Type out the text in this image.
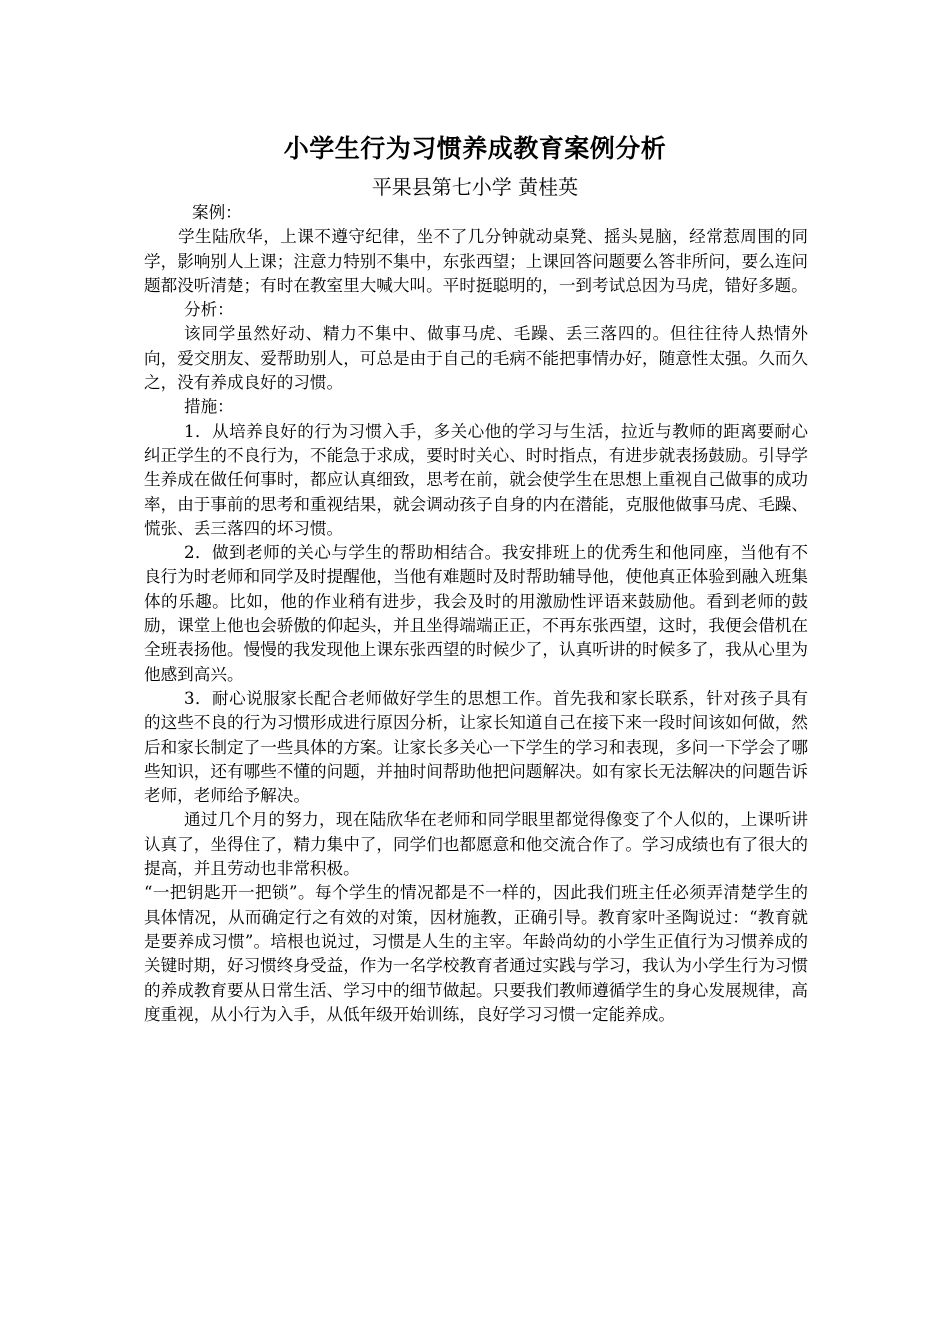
小学生行为习惯养成教育案例分析
平果县第七小学 黄桂英

案例：

学生陆欣华，上课不遵守纪律，坐不了几分钟就动桌凳、摇头晃脑，经常惹周围的同学，影响别人上课；注意力特别不集中，东张西望；上课回答问题要么答非所问，要么连问题都没听清楚；有时在教室里大喊大叫。平时挺聪明的，一到考试总因为马虎，错好多题。

分析：

该同学虽然好动、精力不集中、做事马虎、毛躁、丢三落四的。但往往待人热情外向，爱交朋友、爱帮助别人，可总是由于自己的毛病不能把事情办好，随意性太强。久而久之，没有养成良好的习惯。

措施：

1．从培养良好的行为习惯入手，多关心他的学习与生活，拉近与教师的距离要耐心纠正学生的不良行为，不能急于求成，要时时关心、时时指点，有进步就表扬鼓励。引导学生养成在做任何事时，都应认真细致，思考在前，就会使学生在思想上重视自己做事的成功率，由于事前的思考和重视结果，就会调动孩子自身的内在潜能，克服他做事马虎、毛躁、慌张、丢三落四的坏习惯。

2．做到老师的关心与学生的帮助相结合。我安排班上的优秀生和他同座，当他有不良行为时老师和同学及时提醒他，当他有难题时及时帮助辅导他，使他真正体验到融入班集体的乐趣。比如，他的作业稍有进步，我会及时的用激励性评语来鼓励他。看到老师的鼓励，课堂上他也会骄傲的仰起头，并且坐得端端正正，不再东张西望，这时，我便会借机在全班表扬他。慢慢的我发现他上课东张西望的时候少了，认真听讲的时候多了，我从心里为他感到高兴。

3．耐心说服家长配合老师做好学生的思想工作。首先我和家长联系，针对孩子具有的这些不良的行为习惯形成进行原因分析，让家长知道自己在接下来一段时间该如何做，然后和家长制定了一些具体的方案。让家长多关心一下学生的学习和表现，多问一下学会了哪些知识，还有哪些不懂的问题，并抽时间帮助他把问题解决。如有家长无法解决的问题告诉老师，老师给予解决。

通过几个月的努力，现在陆欣华在老师和同学眼里都觉得像变了个人似的，上课听讲认真了，坐得住了，精力集中了，同学们也都愿意和他交流合作了。学习成绩也有了很大的提高，并且劳动也非常积极。

“一把钥匙开一把锁”。每个学生的情况都是不一样的，因此我们班主任必须弄清楚学生的具体情况，从而确定行之有效的对策，因材施教，正确引导。教育家叶圣陶说过：“教育就是要养成习惯”。培根也说过，习惯是人生的主宰。年龄尚幼的小学生正值行为习惯养成的关键时期，好习惯终身受益，作为一名学校教育者通过实践与学习，我认为小学生行为习惯的养成教育要从日常生活、学习中的细节做起。只要我们教师遵循学生的身心发展规律，高度重视，从小行为入手，从低年级开始训练，良好学习习惯一定能养成。
